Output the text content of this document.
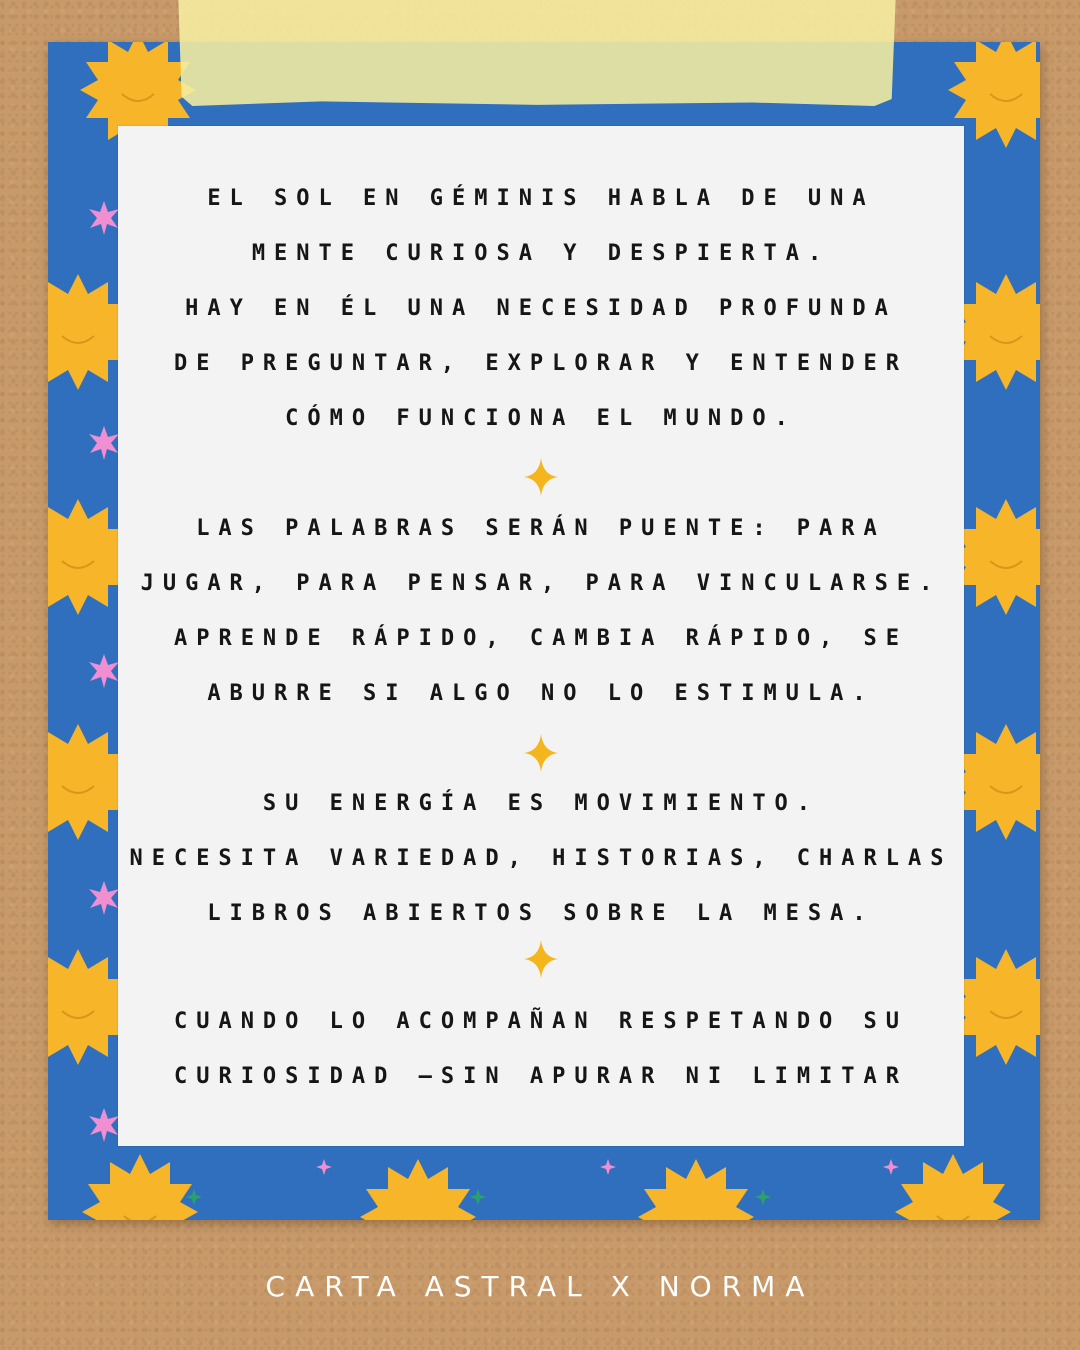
EL SOL EN GÉMINIS HABLA DE UNA
MENTE CURIOSA Y DESPIERTA.
HAY EN ÉL UNA NECESIDAD PROFUNDA
DE PREGUNTAR, EXPLORAR Y ENTENDER
CÓMO FUNCIONA EL MUNDO.
LAS PALABRAS SERÁN PUENTE: PARA
JUGAR, PARA PENSAR, PARA VINCULARSE.
APRENDE RÁPIDO, CAMBIA RÁPIDO, SE
ABURRE SI ALGO NO LO ESTIMULA.
SU ENERGÍA ES MOVIMIENTO.
NECESITA VARIEDAD, HISTORIAS, CHARLAS
LIBROS ABIERTOS SOBRE LA MESA.
CUANDO LO ACOMPAÑAN RESPETANDO SU
CURIOSIDAD —SIN APURAR NI LIMITAR
CARTA ASTRAL X NORMA
